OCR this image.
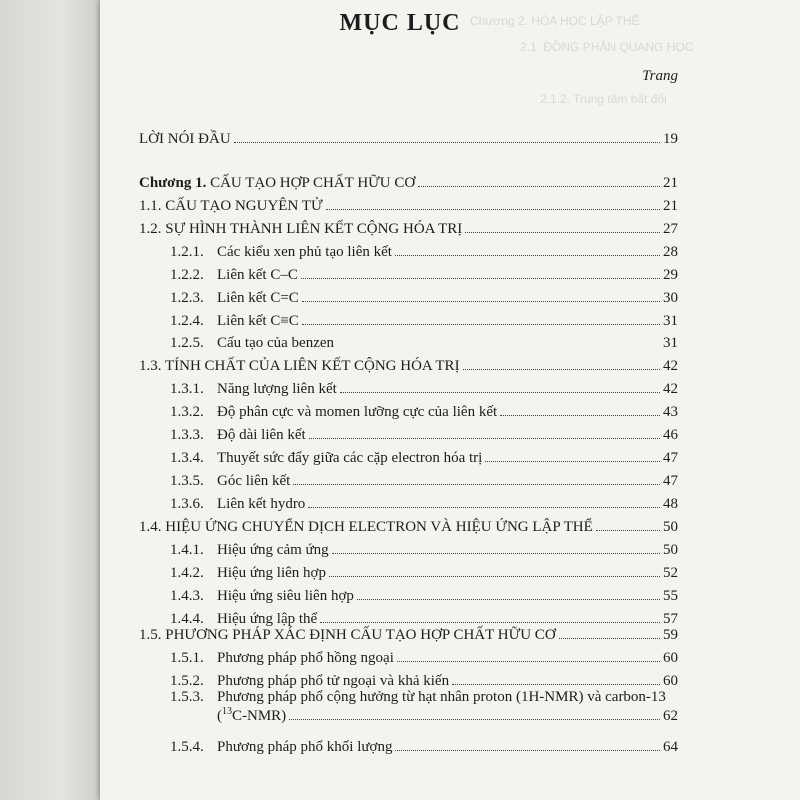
MỤC LỤC
Trang
Chương 2. HÓA HỌC LẬP THỂ
2.1. ĐỒNG PHÂN QUANG HỌC
2.1.2. Trung tâm bất đối
LỜI NÓI ĐẦU	19
Chương 1. CẤU TẠO HỢP CHẤT HỮU CƠ	21
1.1. CẤU TẠO NGUYÊN TỬ	21
1.2. SỰ HÌNH THÀNH LIÊN KẾT CỘNG HÓA TRỊ	27
1.2.1. Các kiểu xen phủ tạo liên kết	28
1.2.2. Liên kết C–C	29
1.2.3. Liên kết C=C	30
1.2.4. Liên kết C≡C	31
1.2.5. Cấu tạo của benzen	31
1.3. TÍNH CHẤT CỦA LIÊN KẾT CỘNG HÓA TRỊ	42
1.3.1. Năng lượng liên kết	42
1.3.2. Độ phân cực và momen lưỡng cực của liên kết	43
1.3.3. Độ dài liên kết	46
1.3.4. Thuyết sức đẩy giữa các cặp electron hóa trị	47
1.3.5. Góc liên kết	47
1.3.6. Liên kết hydro	48
1.4. HIỆU ỨNG CHUYỂN DỊCH ELECTRON VÀ HIỆU ỨNG LẬP THỂ	50
1.4.1. Hiệu ứng cảm ứng	50
1.4.2. Hiệu ứng liên hợp	52
1.4.3. Hiệu ứng siêu liên hợp	55
1.4.4. Hiệu ứng lập thể	57
1.5. PHƯƠNG PHÁP XÁC ĐỊNH CẤU TẠO HỢP CHẤT HỮU CƠ	59
1.5.1. Phương pháp phổ hồng ngoại	60
1.5.2. Phương pháp phổ tử ngoại và khả kiến	60
1.5.3. Phương pháp phổ cộng hưởng từ hạt nhân proton (1H-NMR) và carbon-13
($^{13}$C-NMR)	62
1.5.4. Phương pháp phổ khối lượng	64
